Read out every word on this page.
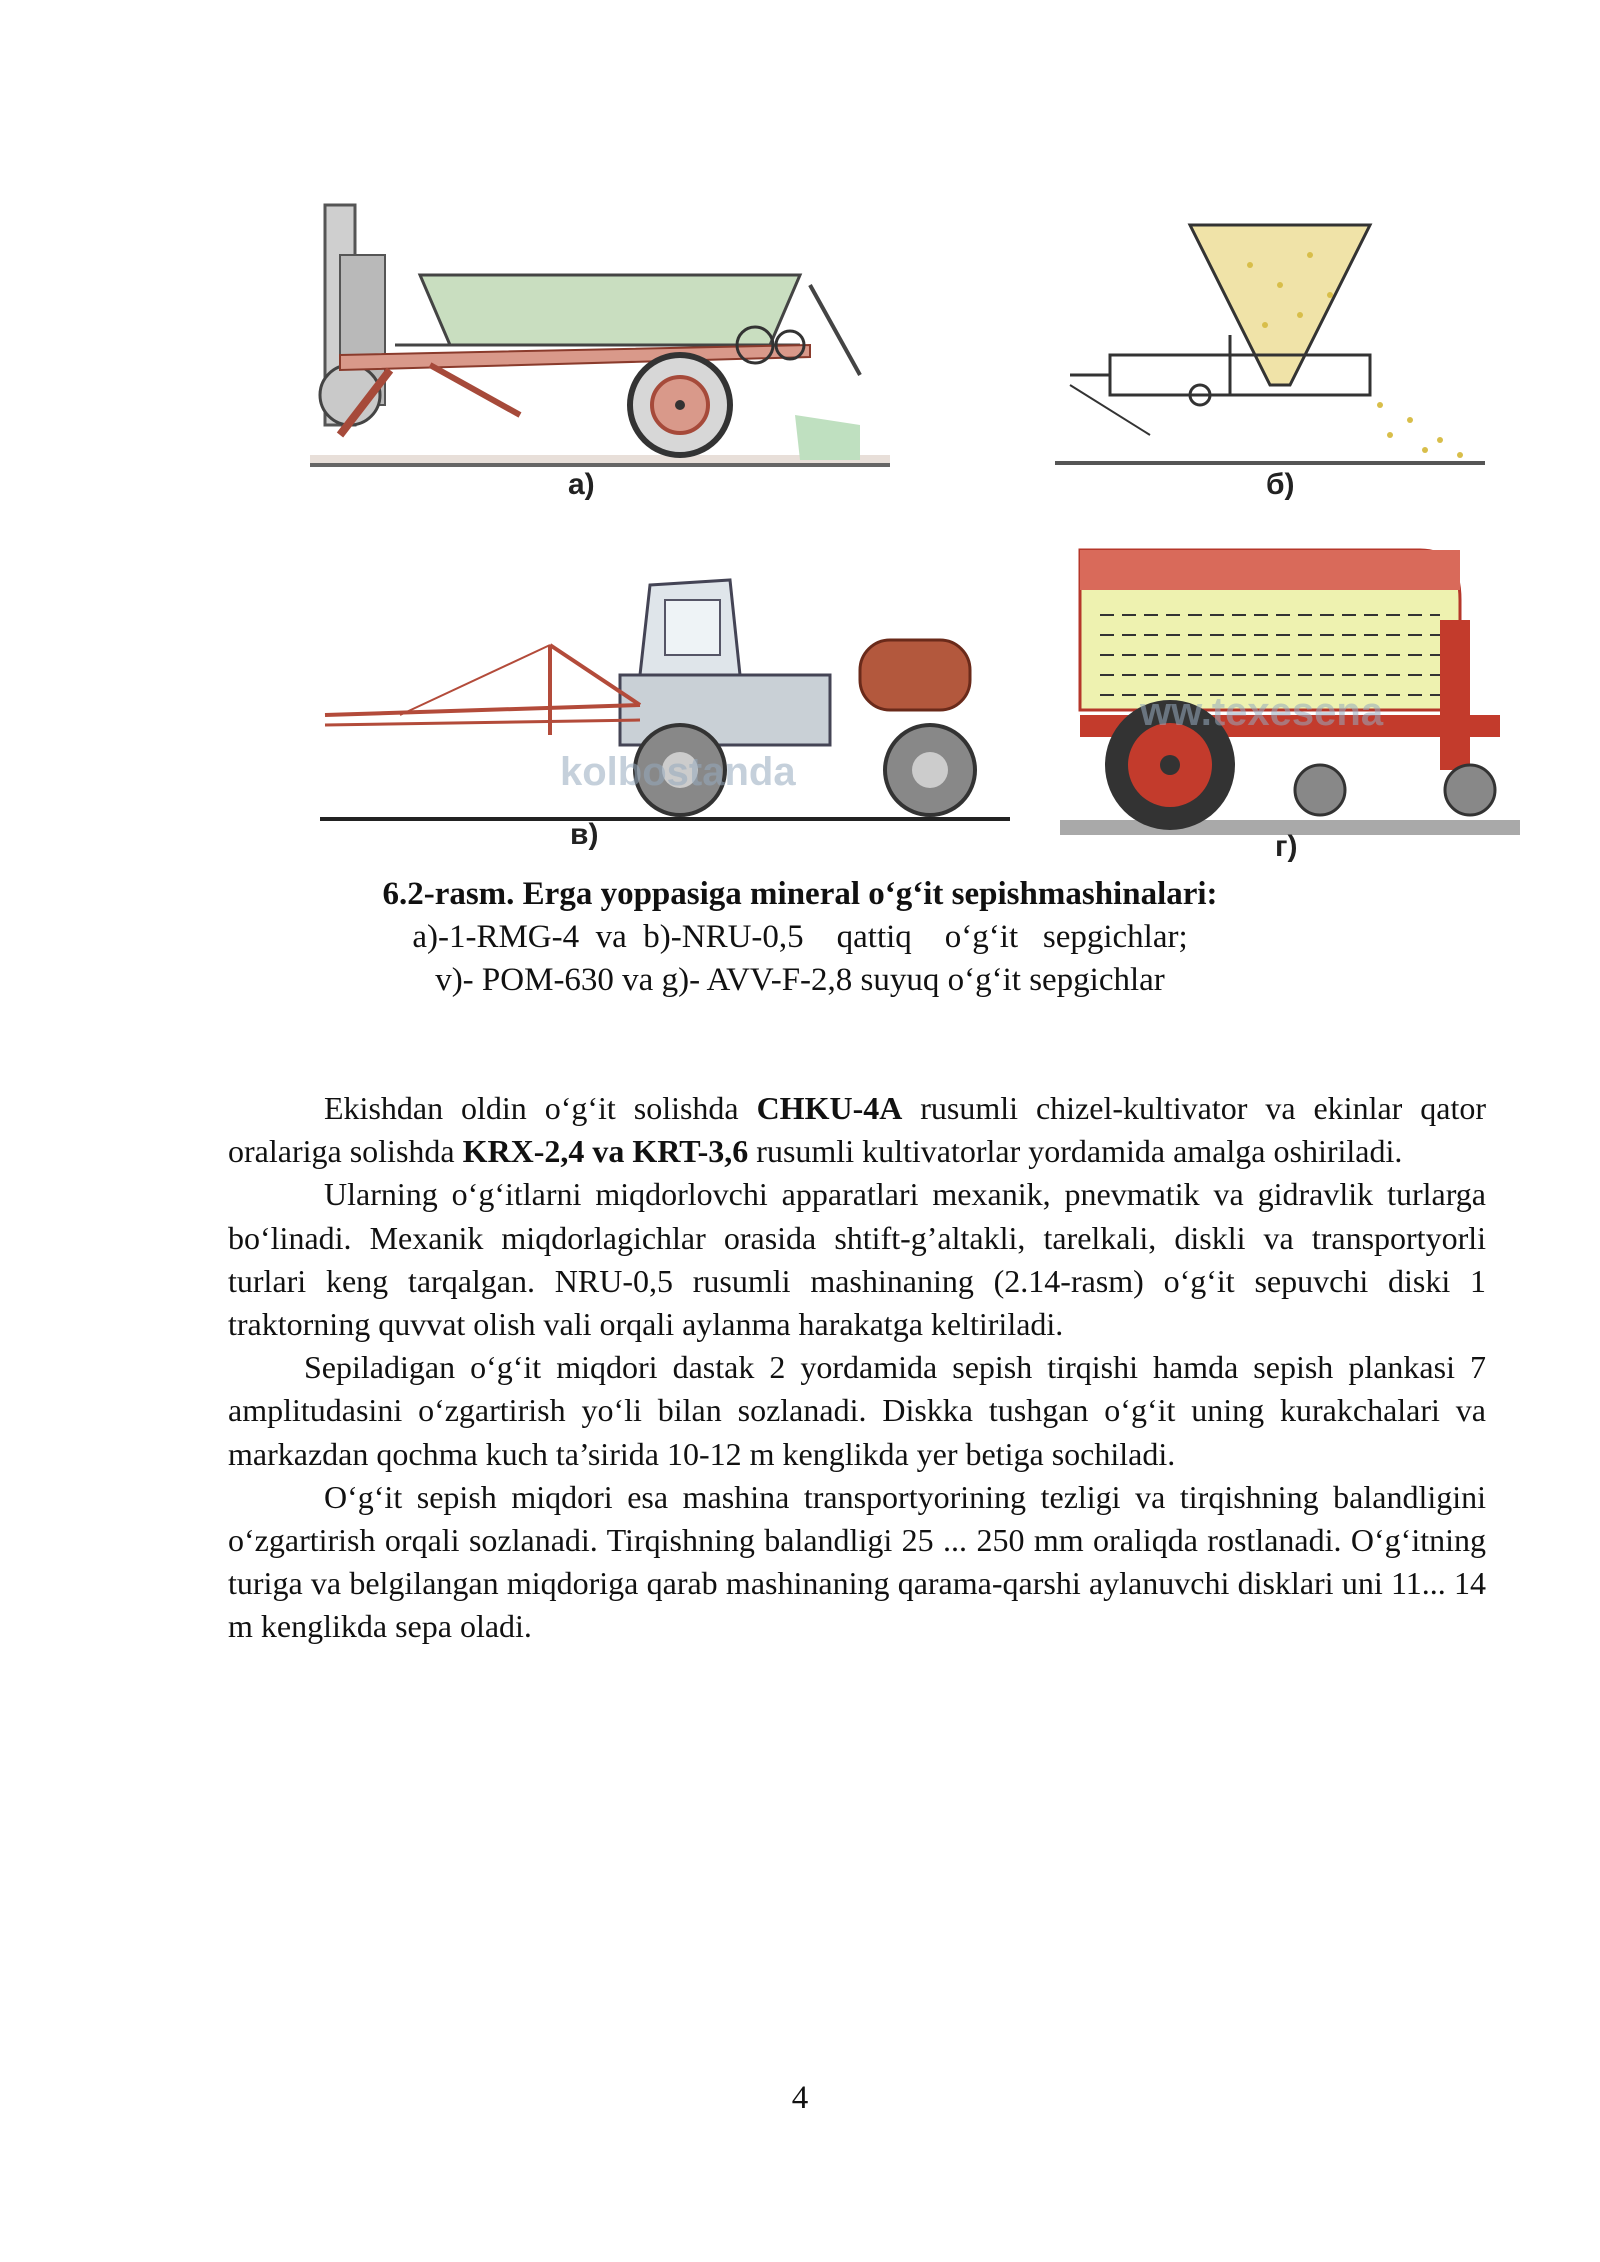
а)	б)
kolbostanda
в)
ww.texesena
г)
6.2-rasm. Erga yoppasiga mineral o‘g‘it sepishmashinalari:
a)-1-RMG-4  va  b)-NRU-0,5    qattiq    o‘g‘it   sepgichlar;
v)- POM-630 va g)- AVV-F-2,8 suyuq o‘g‘it sepgichlar

Ekishdan oldin o‘g‘it solishda CHKU-4A rusumli chizel-kultivator va ekinlar qator oralariga solishda KRX-2,4 va KRT-3,6 rusumli kultivatorlar yordamida amalga oshiriladi.

Ularning o‘g‘itlarni miqdorlovchi apparatlari mexanik, pnevmatik va gidravlik turlarga bo‘linadi. Mexanik miqdorlagichlar orasida shtift-g’altakli, tarelkali, diskli va transportyorli turlari keng tarqalgan. NRU-0,5 rusumli mashinaning (2.14-rasm) o‘g‘it sepuvchi diski 1 traktorning quvvat olish vali orqali aylanma harakatga keltiriladi.

Sepiladigan o‘g‘it miqdori dastak 2 yordamida sepish tirqishi hamda sepish plankasi 7 amplitudasini o‘zgartirish yo‘li bilan sozlanadi. Diskka tushgan o‘g‘it uning kurakchalari va markazdan qochma kuch ta’sirida 10-12 m kenglikda yer betiga sochiladi.

O‘g‘it sepish miqdori esa mashina transportyorining tezligi va tirqishning balandligini o‘zgartirish orqali sozlanadi. Tirqishning balandligi 25 ... 250 mm oraliqda rostlanadi. O‘g‘itning turiga va belgilangan miqdoriga qarab mashinaning qarama-qarshi aylanuvchi disklari uni 11... 14 m kenglikda sepa oladi.

4
